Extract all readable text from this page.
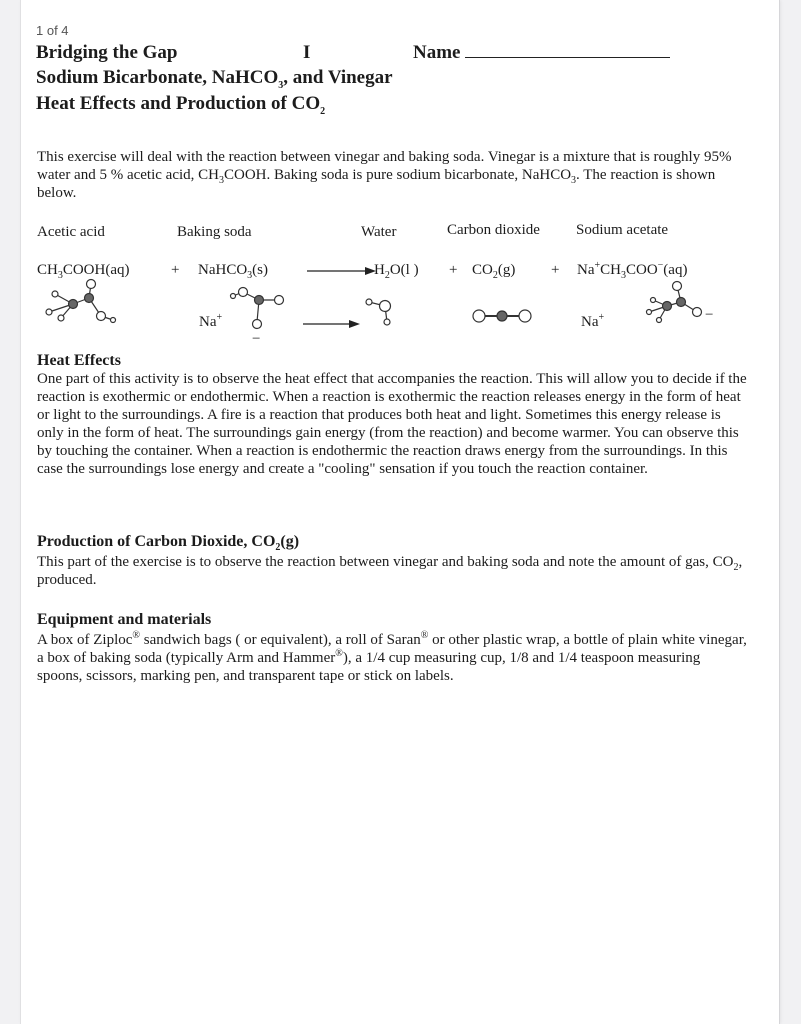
1 of 4
Bridging the Gap	I	Name
Sodium Bicarbonate, NaHCO$_3$, and Vinegar
Heat Effects and Production of $CO_2$
This exercise will deal with the reaction between vinegar and baking soda. Vinegar is a mixture that is roughly 95% water and 5 % acetic acid, $CH_3COOH$. Baking soda is pure sodium bicarbonate, NaHCO$_3$. The reaction is shown below.
Acetic acid	Baking soda	Water	Carbon dioxide Sodium acetate
$CH_3COOH(aq)$	+ NaHCO$_3$(s)	$H_2O(l$ ) + $CO_2(g) + Na^+CH_3COO^-(aq)$
Na+
−
Na+	−
Heat Effects
One part of this activity is to observe the heat effect that accompanies the reaction. This will allow you to decide if the reaction is exothermic or endothermic. When a reaction is exothermic the reaction releases energy in the form of heat or light to the surroundings. A fire is a reaction that produces both heat and light. Sometimes this energy release is only in the form of heat. The surroundings gain energy (from the reaction) and become warmer. You can observe this by touching the container. When a reaction is endothermic the reaction draws energy from the surroundings. In this case the surroundings lose energy and create a "cooling" sensation if you touch the reaction container.
Production of Carbon Dioxide, $CO_2(g)$
This part of the exercise is to observe the reaction between vinegar and baking soda and note the amount of gas, $CO_2$, produced.
Equipment and materials
A box of Ziploc® sandwich bags ( or equivalent), a roll of Saran® or other plastic wrap, a bottle of plain white vinegar, a box of baking soda (typically Arm and Hammer®), a 1/4 cup measuring cup, 1/8 and 1/4 teaspoon measuring spoons, scissors, marking pen, and transparent tape or stick on labels.
